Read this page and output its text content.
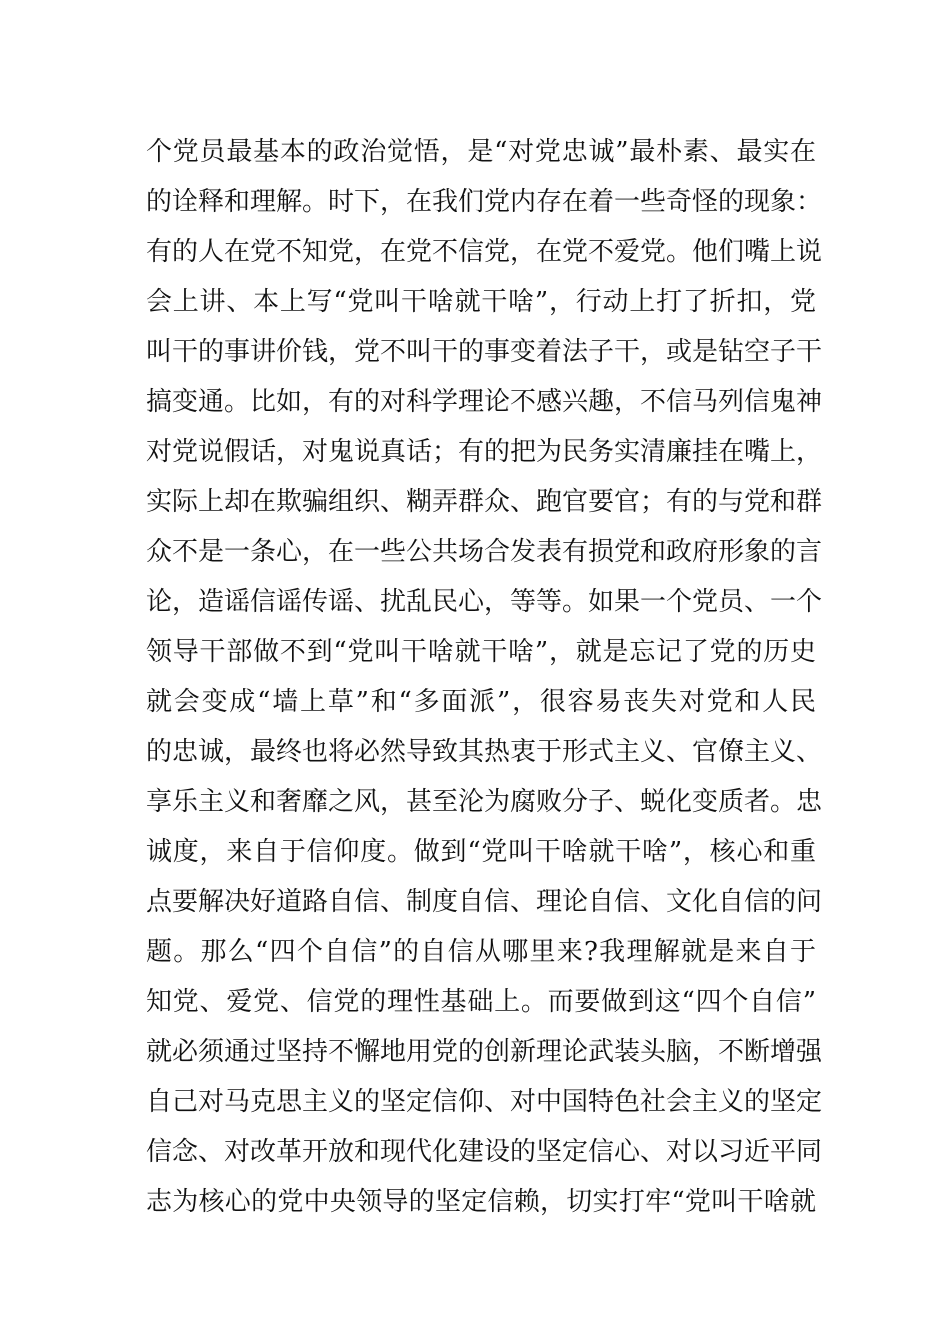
个党员最基本的政治觉悟，是“对党忠诚”最朴素、最实在
的诠释和理解。时下，在我们党内存在着一些奇怪的现象：
有的人在党不知党，在党不信党，在党不爱党。他们嘴上说
会上讲、本上写“党叫干啥就干啥”，行动上打了折扣，党
叫干的事讲价钱，党不叫干的事变着法子干，或是钻空子干
搞变通。比如，有的对科学理论不感兴趣，不信马列信鬼神
对党说假话，对鬼说真话；有的把为民务实清廉挂在嘴上，
实际上却在欺骗组织、糊弄群众、跑官要官；有的与党和群
众不是一条心，在一些公共场合发表有损党和政府形象的言
论，造谣信谣传谣、扰乱民心，等等。如果一个党员、一个
领导干部做不到“党叫干啥就干啥”，就是忘记了党的历史
就会变成“墙上草”和“多面派”，很容易丧失对党和人民
的忠诚，最终也将必然导致其热衷于形式主义、官僚主义、
享乐主义和奢靡之风，甚至沦为腐败分子、蜕化变质者。忠
诚度，来自于信仰度。做到“党叫干啥就干啥”，核心和重
点要解决好道路自信、制度自信、理论自信、文化自信的问
题。那么“四个自信”的自信从哪里来?我理解就是来自于
知党、爱党、信党的理性基础上。而要做到这“四个自信”
就必须通过坚持不懈地用党的创新理论武装头脑，不断增强
自己对马克思主义的坚定信仰、对中国特色社会主义的坚定
信念、对改革开放和现代化建设的坚定信心、对以习近平同
志为核心的党中央领导的坚定信赖，切实打牢“党叫干啥就
